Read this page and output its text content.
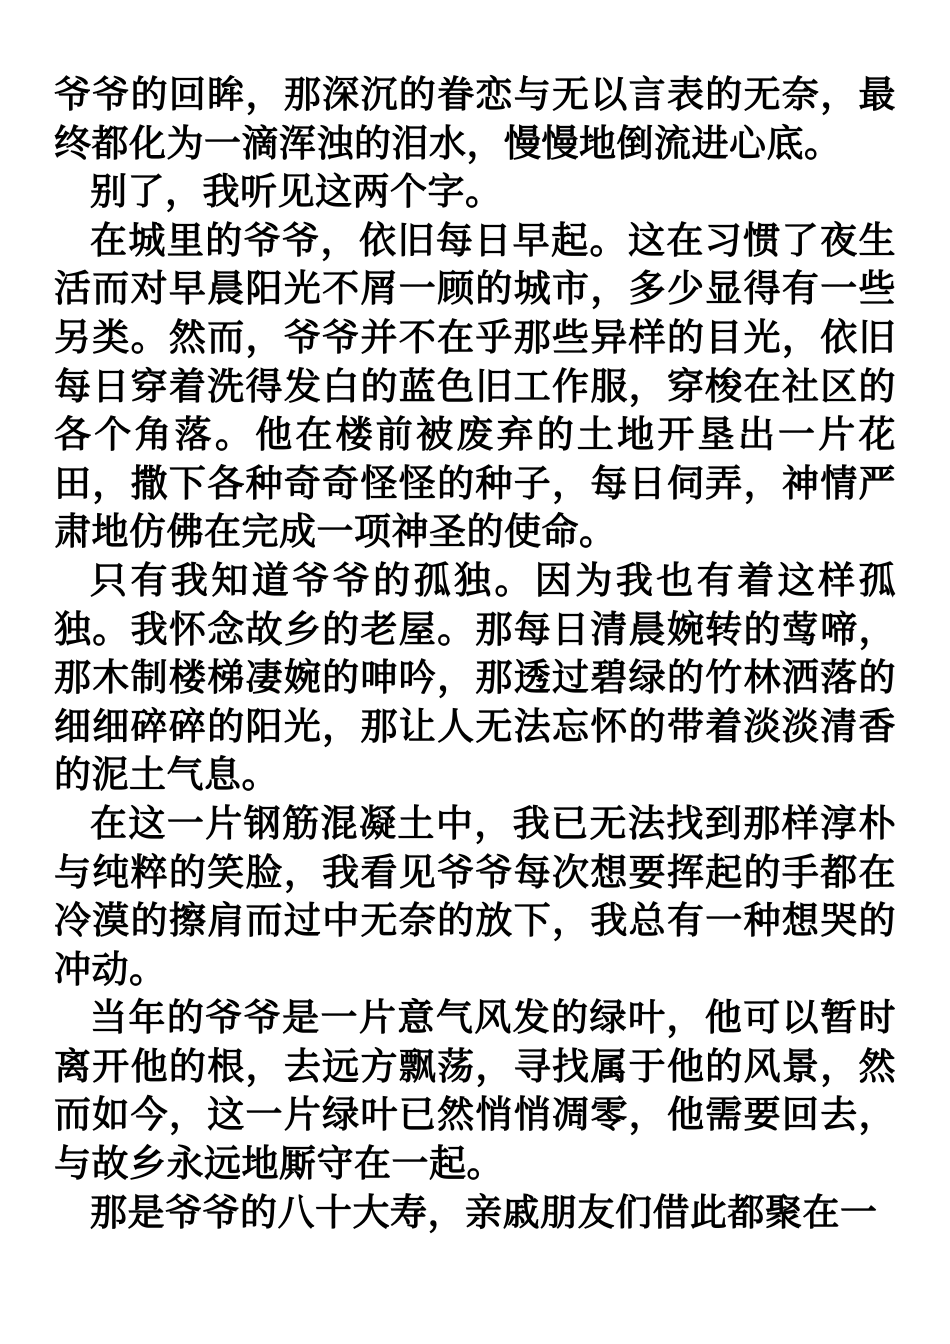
爷爷的回眸，那深沉的眷恋与无以言表的无奈，最终都化为一滴浑浊的泪水，慢慢地倒流进心底。

别了，我听见这两个字。

在城里的爷爷，依旧每日早起。这在习惯了夜生活而对早晨阳光不屑一顾的城市，多少显得有一些另类。然而，爷爷并不在乎那些异样的目光，依旧每日穿着洗得发白的蓝色旧工作服，穿梭在社区的各个角落。他在楼前被废弃的土地开垦出一片花田，撒下各种奇奇怪怪的种子，每日伺弄，神情严肃地仿佛在完成一项神圣的使命。

只有我知道爷爷的孤独。因为我也有着这样孤独。我怀念故乡的老屋。那每日清晨婉转的莺啼，那木制楼梯凄婉的呻吟，那透过碧绿的竹林洒落的细细碎碎的阳光，那让人无法忘怀的带着淡淡清香的泥土气息。

在这一片钢筋混凝土中，我已无法找到那样淳朴与纯粹的笑脸，我看见爷爷每次想要挥起的手都在冷漠的擦肩而过中无奈的放下，我总有一种想哭的冲动。

当年的爷爷是一片意气风发的绿叶，他可以暂时离开他的根，去远方飘荡，寻找属于他的风景，然而如今，这一片绿叶已然悄悄凋零，他需要回去，与故乡永远地厮守在一起。

那是爷爷的八十大寿，亲戚朋友们借此都聚在一
